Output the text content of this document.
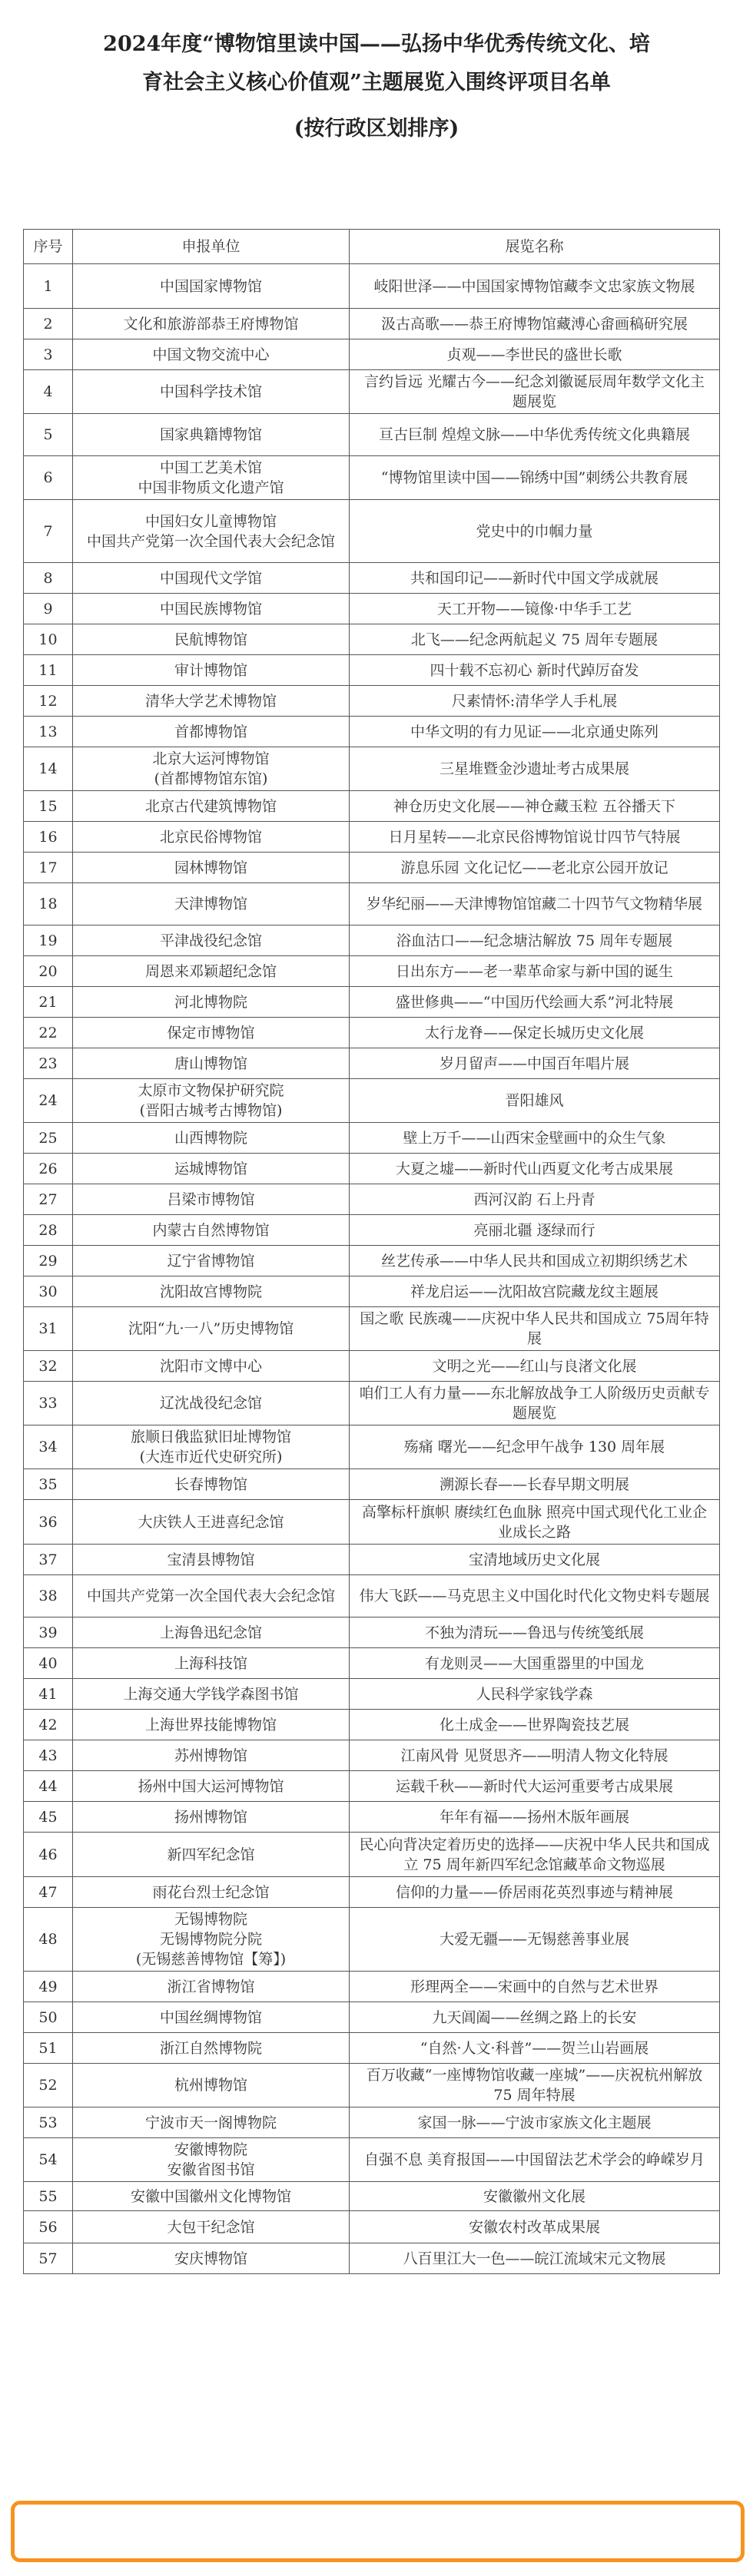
2024年度“博物馆里读中国——弘扬中华优秀传统文化、培
育社会主义核心价值观”主题展览入围终评项目名单
(按行政区划排序)
序号	申报单位	展览名称
1	中国国家博物馆	岐阳世泽——中国国家博物馆藏李文忠家族文物展
2	文化和旅游部恭王府博物馆	汲古高歌——恭王府博物馆藏溥心畬画稿研究展
3	中国文物交流中心	贞观——李世民的盛世长歌
4	中国科学技术馆	言约旨远 光耀古今——纪念刘徽诞辰周年数学文化主题展览
5	国家典籍博物馆	亘古巨制 煌煌文脉——中华优秀传统文化典籍展
6	中国工艺美术馆
中国非物质文化遗产馆	“博物馆里读中国——锦绣中国”刺绣公共教育展
7	中国妇女儿童博物馆
中国共产党第一次全国代表大会纪念馆	党史中的巾帼力量
8	中国现代文学馆	共和国印记——新时代中国文学成就展
9	中国民族博物馆	天工开物——镜像·中华手工艺
10	民航博物馆	北飞——纪念两航起义 75 周年专题展
11	审计博物馆	四十载不忘初心 新时代踔厉奋发
12	清华大学艺术博物馆	尺素情怀:清华学人手札展
13	首都博物馆	中华文明的有力见证——北京通史陈列
14	北京大运河博物馆
(首都博物馆东馆)	三星堆暨金沙遗址考古成果展
15	北京古代建筑博物馆	神仓历史文化展——神仓藏玉粒 五谷播天下
16	北京民俗博物馆	日月星转——北京民俗博物馆说廿四节气特展
17	园林博物馆	游息乐园 文化记忆——老北京公园开放记
18	天津博物馆	岁华纪丽——天津博物馆馆藏二十四节气文物精华展
19	平津战役纪念馆	浴血沽口——纪念塘沽解放 75 周年专题展
20	周恩来邓颖超纪念馆	日出东方——老一辈革命家与新中国的诞生
21	河北博物院	盛世修典——“中国历代绘画大系”河北特展
22	保定市博物馆	太行龙脊——保定长城历史文化展
23	唐山博物馆	岁月留声——中国百年唱片展
24	太原市文物保护研究院
(晋阳古城考古博物馆)	晋阳雄风
25	山西博物院	壁上万千——山西宋金壁画中的众生气象
26	运城博物馆	大夏之墟——新时代山西夏文化考古成果展
27	吕梁市博物馆	西河汉韵 石上丹青
28	内蒙古自然博物馆	亮丽北疆 逐绿而行
29	辽宁省博物馆	丝艺传承——中华人民共和国成立初期织绣艺术
30	沈阳故宫博物院	祥龙启运——沈阳故宫院藏龙纹主题展
31	沈阳“九·一八”历史博物馆	国之歌 民族魂——庆祝中华人民共和国成立 75周年特展
32	沈阳市文博中心	文明之光——红山与良渚文化展
33	辽沈战役纪念馆	咱们工人有力量——东北解放战争工人阶级历史贡献专题展览
34	旅顺日俄监狱旧址博物馆
(大连市近代史研究所)	殇痛 曙光——纪念甲午战争 130 周年展
35	长春博物馆	溯源长春——长春早期文明展
36	大庆铁人王进喜纪念馆	高擎标杆旗帜 赓续红色血脉 照亮中国式现代化工业企业成长之路
37	宝清县博物馆	宝清地域历史文化展
38	中国共产党第一次全国代表大会纪念馆	伟大飞跃——马克思主义中国化时代化文物史料专题展
39	上海鲁迅纪念馆	不独为清玩——鲁迅与传统笺纸展
40	上海科技馆	有龙则灵——大国重器里的中国龙
41	上海交通大学钱学森图书馆	人民科学家钱学森
42	上海世界技能博物馆	化土成金——世界陶瓷技艺展
43	苏州博物馆	江南风骨 见贤思齐——明清人物文化特展
44	扬州中国大运河博物馆	运载千秋——新时代大运河重要考古成果展
45	扬州博物馆	年年有福——扬州木版年画展
46	新四军纪念馆	民心向背决定着历史的选择——庆祝中华人民共和国成立 75 周年新四军纪念馆藏革命文物巡展
47	雨花台烈士纪念馆	信仰的力量——侨居雨花英烈事迹与精神展
48	无锡博物院
无锡博物院分院
(无锡慈善博物馆【筹】)	大爱无疆——无锡慈善事业展
49	浙江省博物馆	形理两全——宋画中的自然与艺术世界
50	中国丝绸博物馆	九天阊阖——丝绸之路上的长安
51	浙江自然博物院	“自然·人文·科普”——贺兰山岩画展
52	杭州博物馆	百万收藏“一座博物馆收藏一座城”——庆祝杭州解放 75 周年特展
53	宁波市天一阁博物院	家国一脉——宁波市家族文化主题展
54	安徽博物院
安徽省图书馆	自强不息 美育报国——中国留法艺术学会的峥嵘岁月
55	安徽中国徽州文化博物馆	安徽徽州文化展
56	大包干纪念馆	安徽农村改革成果展
57	安庆博物馆	八百里江大一色——皖江流域宋元文物展
